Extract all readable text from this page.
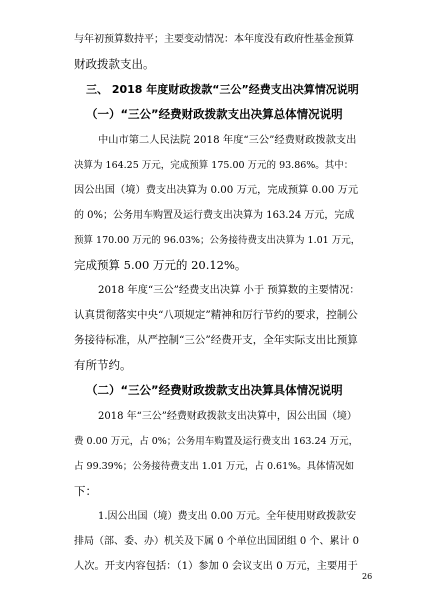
与年初预算数持平；主要变动情况：本年度没有政府性基金预算
财政拨款支出。
三、 2018 年度财政拨款“三公”经费支出决算情况说明
（一）“三公”经费财政拨款支出决算总体情况说明
中山市第二人民法院 2018 年度“三公”经费财政拨款支出
决算为 164.25 万元，完成预算 175.00 万元的 93.86%。其中：
因公出国（境）费支出决算为 0.00 万元，完成预算 0.00 万元
的 0%；公务用车购置及运行费支出决算为 163.24 万元，完成
预算 170.00 万元的 96.03%；公务接待费支出决算为 1.01 万元，
完成预算 5.00 万元的 20.12%。
2018 年度“三公”经费支出决算 小于 预算数的主要情况：
认真贯彻落实中央“八项规定”精神和厉行节约的要求，控制公
务接待标准，从严控制“三公”经费开支，全年实际支出比预算
有所节约。
（二）“三公”经费财政拨款支出决算具体情况说明
2018 年“三公”经费财政拨款支出决算中，因公出国（境）
费 0.00 万元，占 0%；公务用车购置及运行费支出 163.24 万元，
占 99.39%；公务接待费支出 1.01 万元，占 0.61%。具体情况如
下：
1.因公出国（境）费支出 0.00 万元。全年使用财政拨款安
排局（部、委、办）机关及下属 0 个单位出国团组 0 个、累计 0
人次。开支内容包括：（1）参加 0 会议支出 0 万元，主要用于
26
